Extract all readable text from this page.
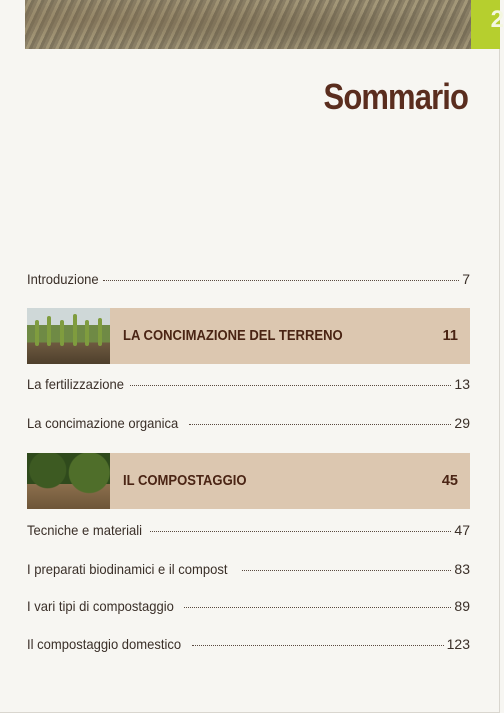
2
Sommario
Introduzione	7
LA CONCIMAZIONE DEL TERRENO	11
La fertilizzazione	13
La concimazione organica	29
IL COMPOSTAGGIO	45
Tecniche e materiali	47
I preparati biodinamici e il compost	83
I vari tipi di compostaggio	89
Il compostaggio domestico	123
